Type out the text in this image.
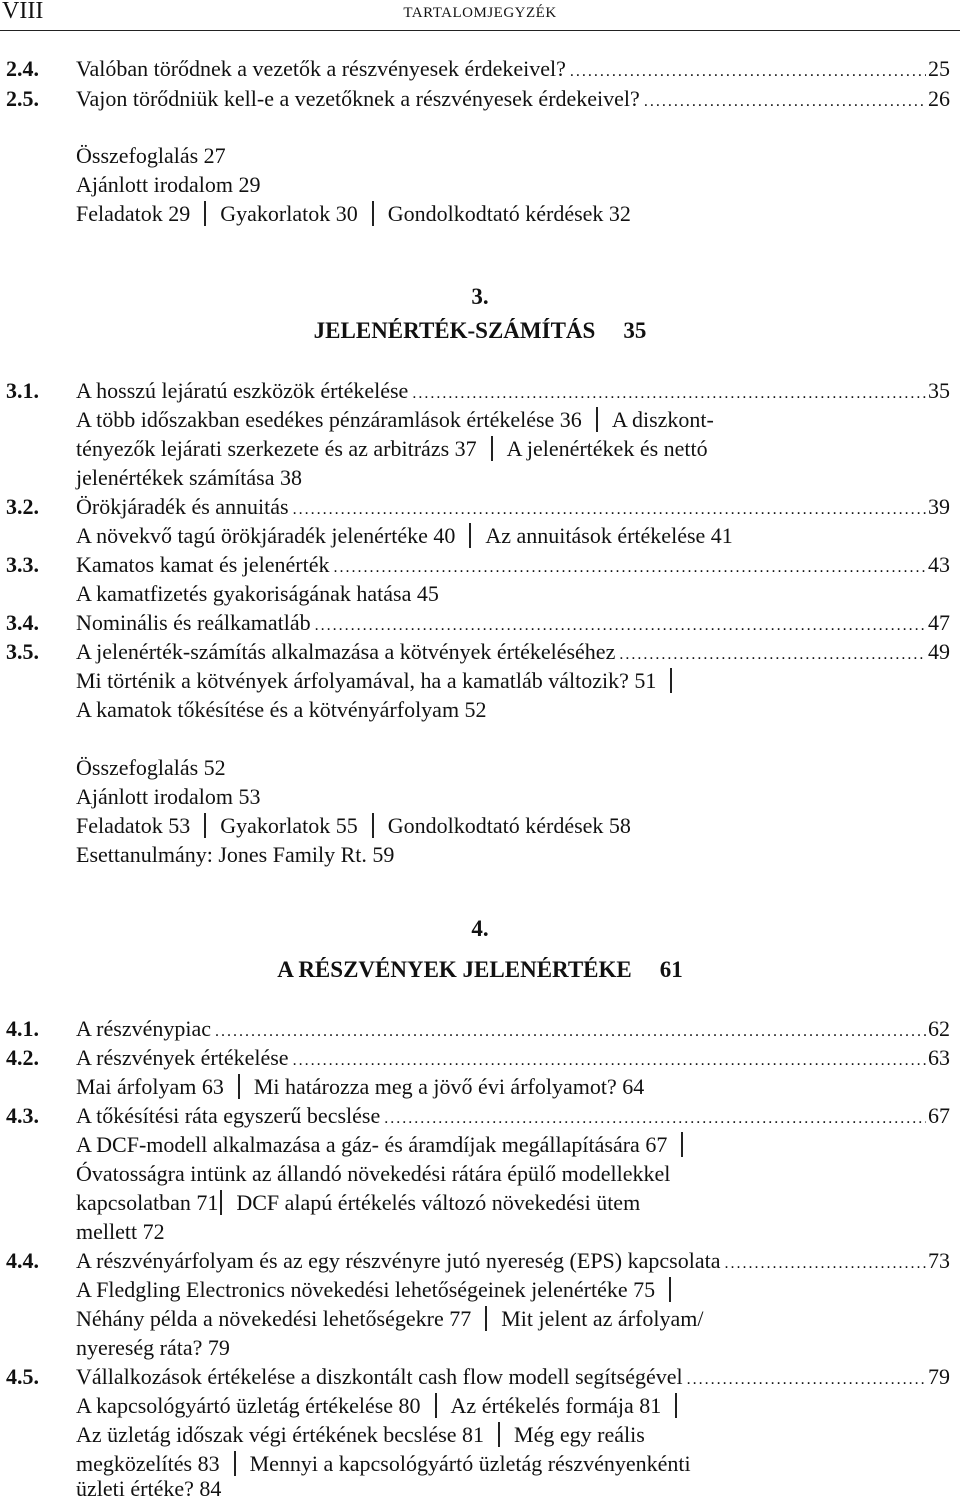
VIII	TARTALOMJEGYZÉK
2.4. Valóban törődnek a vezetők a részvényesek érdekeivel? .....	25
2.5. Vajon törődniük kell-e a vezetőknek a részvényesek érdekeivel? .....	26
Összefoglalás 27
Ajánlott irodalom 29
Feladatok 29 Gyakorlatok 30 Gondolkodtató kérdések 32
3.
JELENÉRTÉK-SZÁMÍTÁS 35
3.1. A hosszú lejáratú eszközök értékelése .....	35
A több időszakban esedékes pénzáramlások értékelése 36 A diszkont-
tényezők lejárati szerkezete és az arbitrázs 37 A jelenértékek és nettó
jelenértékek számítása 38
3.2. Örökjáradék és annuitás .....	39
A növekvő tagú örökjáradék jelenértéke 40 Az annuitások értékelése 41
3.3. Kamatos kamat és jelenérték .....	43
A kamatfizetés gyakoriságának hatása 45
3.4. Nominális és reálkamatláb .....	47
3.5. A jelenérték-számítás alkalmazása a kötvények értékeléséhez .....	49
Mi történik a kötvények árfolyamával, ha a kamatláb változik? 51
A kamatok tőkésítése és a kötvényárfolyam 52
Összefoglalás 52
Ajánlott irodalom 53
Feladatok 53 Gyakorlatok 55 Gondolkodtató kérdések 58
Esettanulmány: Jones Family Rt. 59
4.
A RÉSZVÉNYEK JELENÉRTÉKE 61
4.1. A részvénypiac .....	62
4.2. A részvények értékelése .....	63
Mai árfolyam 63 Mi határozza meg a jövő évi árfolyamot? 64
4.3. A tőkésítési ráta egyszerű becslése .....	67
A DCF-modell alkalmazása a gáz- és áramdíjak megállapítására 67
Óvatosságra intünk az állandó növekedési rátára épülő modellekkel
kapcsolatban 71 DCF alapú értékelés változó növekedési ütem
mellett 72
4.4. A részvényárfolyam és az egy részvényre jutó nyereség (EPS) kapcsolata .....	73
A Fledgling Electronics növekedési lehetőségeinek jelenértéke 75
Néhány példa a növekedési lehetőségekre 77 Mit jelent az árfolyam/
nyereség ráta? 79
4.5. Vállalkozások értékelése a diszkontált cash flow modell segítségével .....	79
A kapcsológyártó üzletág értékelése 80 Az értékelés formája 81
Az üzletág időszak végi értékének becslése 81 Még egy reális
megközelítés 83 Mennyi a kapcsológyártó üzletág részvényenkénti
üzleti értéke? 84
